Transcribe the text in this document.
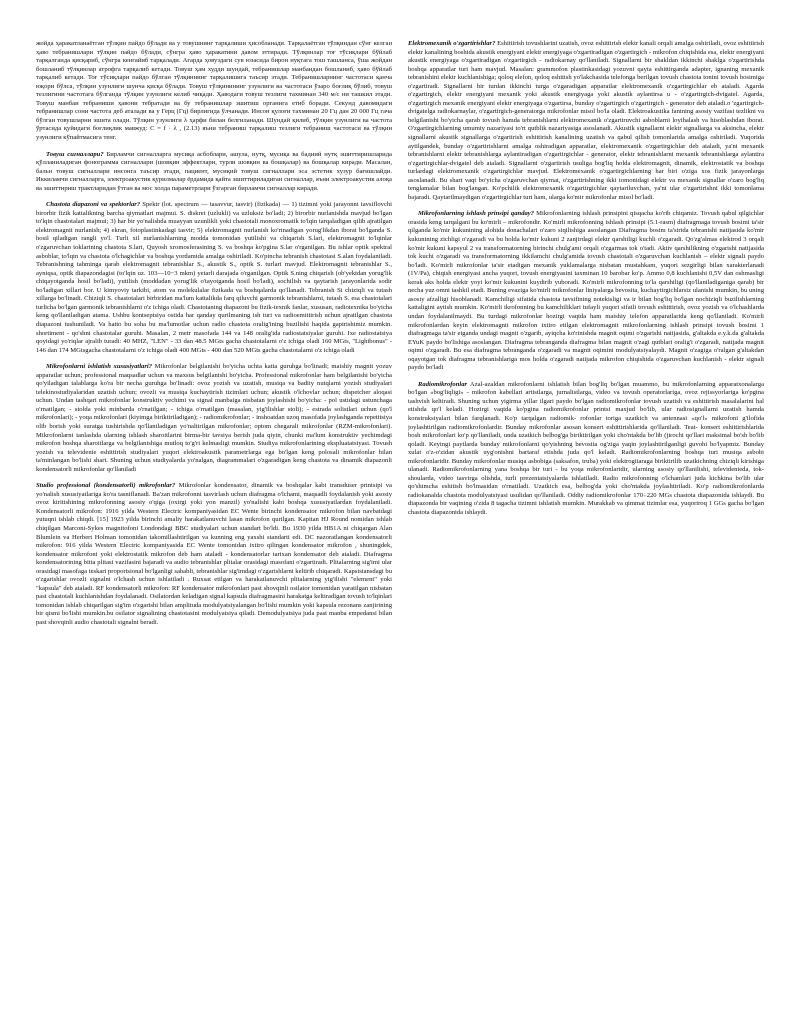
жойда ҳаракатланаётган тўлқин пайдо бўлади ва у товушнинг тарқалиши ҳисобланади. Тарқалаётган тўлқиндан сўнг келган ҳаво тебранишлари тўлқин пайдо бўлади, сўнгра ҳаво ҳаракатини давом эттиради. Тўлқинлар тоғ тўсиқлари бўйлаб тарқалганда қисқариб, сўнгра кенгайиб тарқалади. Агарда ҳовуздаги сув юзасида бирон нуқтага тош ташланса, ўша жойдан бошланиб тўлқинлар атрофга тарқалиб кетади. Товуш ҳам худди шундай, тебранишлар манбаидан бошланиб, ҳаво бўйлаб тарқалиб кетади. Тоғ тўсиқлари пайдо бўлган тўлқиннинг тарқалишига таъсир этади. Тебранишларнинг частотаси қанча юқори бўлса, тўлқин узунлиги шунча қисқа бўлади. Товуш тўлқинининг узунлиги ва частотаси ўзаро боғлиқ бўлиб, товуш тезлигини частотага бўлганда тўлқин узунлиги келиб чиқади. Ҳаводаги товуш тезлиги тахминан 340 м/с ни ташкил этади. Товуш манбаи тебраниши ҳавони тебратади ва бу тебранишлар эшитиш органига етиб боради. Секунд давомидаги тебранишлар сони частота деб аталади ва у Герц (Гц) бирлигида ўлчанади. Инсон қулоғи тахминан 20 Гц дан 20 000 Гц гача бўлган товушларни эшита олади. Тўлқин узунлиги λ ҳарфи билан белгиланади. Шундай қилиб, тўлқин узунлиги ва частота ўртасида қуйидаги боғлиқлик мавжуд: C = f · λ , (2.13) яъни тебраниш тарқалиш тезлиги тебраниш частотаси ва тўлқин узунлиги кўпайтмасига тенг.

Товуш сигналлари? Бирламчи сигналларга мусиқа асбоблари, ашула, нутқ, мусиқа ва бадиий нутқ эшиттиришларида қўлланиладиган фонограмма сигналлари (шовқин эффектлари, турли шовқин ва бошқалар) ва бошқалар киради. Масалан, бальн товуш сигналлари инсонга таъсир этади, пациент, мусиқий товуш сигналлари эса эстетик хузур бағишлайди. Иккиламчи сигналларга, электроакустик қурилмалар ёрдамида қайта эшиттириладиган сигналлар, яъни электроакустик алоқа ва эшиттириш трактларидан ўтган ва мос холда параметрлари ўзгарган бирламчи сигналлар киради.

Chastota diapazoni va spektorlar? Spektr (lot. spectrum — tasavvur, tasvir) (fizikada) — 1) tizimni yoki jarayonni tavsiflovchi birorbir fizik kattalikning barcha qiymatlari majmui. S. diskret (uzlukli) va uzluksiz bo'ladi; 2) birorbir nurlanishda mavjud bo'lgan to'lqin chastotalari majmui; 3) har bir yo'nalishda muayyan uzunlikli yoki chastotali monoxromatik to'lqin tarqaladigan qilib ajratilgan elektromagnit nurlanish; 4) ekran, fotoplastinkadagi tasvir; 5) elektromagnit nurlanish ko'rinadigan yorug'likdan iborat bo'lganda S. hosil qiladigan rangli yo'l. Turli xil nurlanishlarning modda tomonidan yutilishi va chiqarish S.lari, elektromagnit to'lqinlar o'zgaruvchan toklarining chastota S.lari, Quyosh xromosferasining S. va boshqa ko'pgina S.lar o'rganilgan. Bu ishlar optik spektral asboblar, to'lqin va chastota o'lchagichlar va boshqa yordamida amalga oshiriladi. Ko'pincha tebranish chastotasi S.alan foydalaniladi. Tebranishning tahminga qarab elektromagnit tebranishlar S., akustik S., optik S. turlari mavjud. Elektromagnit tebranishlar S., ayniqsa, optik diapazondagisi (to'lqin uz. 103—10−3 mkm) yetarli darajada o'rganilgan. Optik S.ning chiqarish (ob'yektdan yorug'lik chiqayotganda hosil bo'ladi), yutilish (moddadan yorug'lik o'tayotganda hosil bo'ladi), sochilish va qaytarish jarayonlarida sodir bo'ladigan xillari bor. U kimyoviy tarkibi, atom va molekulalar fizikada va boshqalarda qo'llanadi. Tebranish Si chiziqli va tutash xillarga bo'linadi. Chiziqli S. chastotalari birbiridan ma'lum kattalikda farq qiluvchi garmonik tebranishlarni, tutash S. esa chastotalari turlicha bo'lgan garmonik tebranishlarni o'z ichiga oladi. Chastotaning diapazoni bu fizik-texnik fanlar, xususan, radiotexnika bo'yicha keng qo'llaniladigan atama. Ushbu kontseptsiya ostida har qanday qurilmaning ish turi va radioemittirish uchun ajratilgan chastota diapazoni tushuniladi. Va hatto bu soha bu ma'lumotlar uchun radio chastota oralig'ining buzilishi haqida gapirishimiz mumkin. shortiment - qo'shni chastotalar guruhi. Masalan, 2 metr masofada 144 va 148 oralig'ida radiostatsiyalar guruhi. Ixe radiostatsiya qoyidagi yo'riqlar ajralib turadi: 40 MHZ, "LEN" - 33 dan 48.5 MGts gacha chastotalarni o'z ichiga oladi 160 MGts, "Lightbonus" - 146 dan 174 MGtsgacha chastotalarni o'z ichiga oladi 400 MGts - 400 dan 520 MGts gacha chastotalarni o'z ichiga oladi

Mikrofonlarni ishlatish xususiyatlari? Mikrofonlar belgilanishi bo'yicha uchta katta guruhga bo'linadi; maishiy magnit yozuv apparatlar uchun; professional maqsadlar uchun va maxsus belgilanishi bo'yicha. Professional mikrofonlar ham belgilanishi bo'yicha qo'yiladigan talablarga ko'ra bir necha guruhga bo'linadi: ovoz yozish va uzatish, musiqa va badiiy nutqlarni yozish studiyalari telekinostudiyalaridan uzatish uchun; ovozli va musiqa kuchaytirish tizimlari uchun; akustik o'lchovlar uchun; dispetcher aloqasi uchun. Undan tashqari mikrofonlar konstruktiv yechimi va signal manbaiga nisbatan joylashishi bo'yicha: - pol ustidagi ustunchaga o'rnatilgan; - stolda yoki minbarda o'rnatilgan; - ichiga o'rnatilgan (masalan, yig'ilishlar stoli); - estrada solistlari uchun (qo'l mikrofonlari); - yoqa mikrofonlari (kiyimga biriktiriladigan); - radiomikrofonlar; - inshoatdan uzoq masofada joylashganda repetitsiya olib borish yoki suratga tushirishda qo'llaniladigan yo'naltirilgan mikrofonlar; optom chegarali mikrofonlar (RZM-mikrofonlari). Mikrofonlarni tanlashda ularning ishlash sharoitlarini birma-bir tavsiya berish juda qiyin, chunki ma'lum konstruktiv yechimdagi mikrofon boshqa sharoitlarga va belgilanishiga mutloq to'g'ri kelmasligi mumkin. Studiya mikrofonlarining ekspluatatsiyasi. Tovush yozish va televidenie eshittirish studiyalari yuqori elektroakustik parametrlarga ega bo'lgan keng polosali mikrofonlar bilan ta'minlangan bo'lishi shart. Shuning uchun studiyalarda yo'nalgan, diagrammalari o'zgaradigan keng chastota va dinamik diapazonli kondensatorli mikrofonlar qo'llaniladi

Studio professional (kondensatorli) mikrofonlar? Mikrofonlar kondensator, dinamik va boshqalar kabi transduser printsipi va yo'nalish xususiyatlariga ko'ra tasniflanadi. Ba'zan mikrofonni tasvirlash uchun diafragma o'lchami, maqsadli foydalanish yoki asosiy ovoz kiritishining mikrofonning asosiy o'qiga (oxirgi yoki yon manzil) yo'nalishi kabi boshqa xususiyatlardan foydalaniladi. Kondensatorli mikrofon: 1916 yilda Western Electric kompaniyasidan EC Wente birinchi kondensator mikrofon bilan navbatdagi yutuqni ishlab chiqdi. [15] 1923 yilda birinchi amaliy harakatlanuvchi lasan mikrofon qurilgan. Kapitan HJ Round nomidan ishlab chiqilgan Marconi-Sykes magnitofoni Londondagi BBC studiyalari uchun standart bo'ldi. Bu 1930 yilda HB1A ni chiqargan Alan Blumlein va Herbert Holman tomonidan takomillashtirilgan va kunning eng yaxshi standarti edi. DC nazoratlangan kondensatorli mikrofon: 916 yilda Western Electric kompaniyasida EC Wente tomonidan ixtiro qilingan kondensator mikrofon , shuningdek, kondensator mikrofoni yoki elektrostatik mikrofon deb ham ataladi - kondensatorlar tarixan kondensator deb ataladi. Diafragma kondensatorining bitta plitasi vazifasini bajaradi va audio tebranishlar plitalar orasidagi masofani o'zgartiradi. Plitalarning sig'imi ular orasidagi masofaga teskari proportsional bo'lganligi sababli, tebranishlar sig'imdagi o'zgarishlarni keltirib chiqaradi. Kapsistansdagi bu o'zgarishlar ovozli signalni o'lchash uchun ishlatiladi . Ruxsat etilgan va harakatlanuvchi plitalarning yig'ilishi "element" yoki "kapsula" deb ataladi. RF kondensatorli mikrofon: RF kondensator mikrofonlari past shovqinli osilator tomonidan yaratilgan nisbatan past chastotali kuchlanishdan foydalanadi. Osilatordan keladigan signal kapsula diafragmasini harakatga keltiradigan tovush to'lqinlari tomonidan ishlab chiqarilgan sig'im o'zgarishi bilan amplituda modulyatsiyalangan bo'lishi mumkin yoki kapsula rezonans zanjirining bir qismi bo'lishi mumkin.bu osilator signalining chastotasini modulyatsiya qiladi. Demodulyatsiya juda past manba empedansi bilan past shovqinli audio chastotali signalni beradi.

Elektromexanik o'zgartirishlar? Eshittirish tovushlarini uzatish, ovoz eshittirish elektr kanali orqali amalga oshiriladi, ovoz eshittirish elektr kanalining boshida akustik energiyani elektr energiyaga o'zgartiradigan o'zgartirgich - mikrofon chiqishida esa, elektr energiyani akustik energiyaga o'zgartiradigan o'zgartirgich - radiokarnay qo'llaniladi. Signallarni bir shakldan ikkinchi shaklga o'zgartirishda boshqa apparatlar turi ham mavjud. Masalan: grammofon plastinkasidagi yozuvni qayta eshittirganda adapter, ignaning mexanik tebranishini elektr kuchlanishiga; qoloq elefon, qoloq eshitish yo'lakchasida telefonga berilgan tovush chastota tonini tovush bosimiga o'zgartiradi. Signallarni bir turdan ikkinchi turga o'zgaradigan apparatlar elektromexanik o'zgartirgichlar eb ataladi. Agarda o'zgartirgich, elektr energiyani mexanik yoki akustik energiyaga yoki akustik aylantirsa u - o'zgartirgich-dvigatel. Agarda, o'zgartirgich mexanik energiyani elektr energiyaga o'zgartirsa, bunday o'zgartirgich o'zgartirgich - generator deb ataladi.o 'zgartirgich-dvigatelga radiokarnaylar, o'zgartirgich-generatorga mikrofonlar misol bo'la oladi. Elektroakustika fanining asosiy vazifasi tezlikni va belgilanishi bo'yicha qarab tovush hamda tebranishlarni elektromexanik o'zgartiruvchi asboblarni loyihalash va hisoblashdan iborat. O'zgartirgichlarning umumiy nazariyasi to'rt qutblik nazariyasiga asoslanadi. Akustik signallarni elektr signallarga va aksincha, elektr signallarni akustik signallarga o'zgartirish eshittirish kanalining uzatish va qabul qilish tomonlarida amalga oshiriladi. Yuqorida aytilgandek, bunday o'zgartirishlarni amalga oshiradigan apparatlar, elektromexanik o'zgartirgichlar deb ataladi, ya'ni mexanik tebranishlarni elektr tebranishlarga aylantiradigan o'zgartirgichlar - generator, elektr tebranishlarni mexanik tebranishlarga aylantira o'zgartirgichlar-dvigatel deb ataladi. Signallarni o'zgartirish usuliga bog'liq holda elektromagnit, dinamik, elektrostatik va boshqa turlardagi elektromexanik o'zgartirgichlar mavjud. Elektromexanik o'zgartirgichlarning har biri o'ziga xos fizik jarayonlarga asoslanadi. Bu shart vaqt bo'yicha o'zgaruvchan qiymat, o'zgartirishning ikki tomonidagi elektr va mexanik signallar o'zaro bog'liq tenglamalar bilan bog'langan. Ko'pchilik elektromexanik o'zgartirgichlar qaytariluvchan, ya'ni ular o'zgartirishni ikki tomonlama bajaradi. Qaytarilmaydigan o'zgartirgichlar turi ham, ularga ko'mir mikrofonlar misol bo'ladi.

Mikrofonlarning ishlash prinsipi qanday? Mikrofonlarning ishlash prinsipini qisqacha ko'rib chiqamiz. Tovush qabul qilgichlar orasida keng tarqalgani bu ko'mirli – mikrofondir. Ko'mirli mikrofonning ishlash prinsipi (5.1-rasm) diafragmaga tovush bosimi ta'sir qilganda ko'mir kukunining alohida donachalari o'zaro siqilishiga asoslangan Diafragma bosim ta'sirida tebranishi natijasida ko'mir kukunining zichligi o'zgaradi va bu holda ko'mir kukuni 2 zanjirdagi elektr qarshiligi kuchli o'zgaradi. Qo'zg'almas elektrod 3 orqali ko'mir kukuni kapsyul 2 va transformatorning birinchi chulg'ami orqali o'zgarmas tok o'tadi. Aktiv qarshilikning o'zgarishi natijasida tok kuchi o'zgaradi va transformatorning ikkilamchi chulg'amida tovush chastotali o'zgaruvchan kuchlanish – elektr signali paydo bo'ladi. Ko'mirli mikrofonlar ta'sir etadigan mexanik yuklamalarga nisbatan mustahkam, yuqori sezgirligi bilan xarakterlanadi (1V/Pa), chiqish energiyasi ancha yuqori, tovush energiyasini taxminan 10 barobar ko'p. Ammo 0,8 kuchlanishi 0,5V dan oshmasligi kerak aks holda elektr yoyi ko'mir kukunini kuydirib yuboradi. Ko'mirli mikrofonning to'la qarshiligi (qo'llaniladiganiga qarab) bir necha yuz omni tashkil etadi. Buning evaziga ko'mirli mikrofonlar liniyalarga bevosita, kuchaytirgichlarsiz ulanishi mumkin, bu uning asosiy afzalligi hisoblanadi. Kamchiligi sifatida chastota tavsifining notekisligi va ir bilan bog'liq bo'lgan nochiziqli buzilishlarning kattaligini aytish mumkin. Ko'mirli ikrofonning bu kamchiliklari tufayli yuqori sifatli tovush eshittirish, ovoz yozish va o'lchashlarda undan foydalanilmaydi. Bu turdagi mikrofonlar hozirgi vaqtda ham maishiy telefon apparatlarida keng qo'llaniladi. Ko'mirli mikrofonlardan keyin elektromagnit mikrofon ixtiro etilgan elektromagnit mikrofonlarning ishlash prinsipi tovush bosimi 1 diafragmaga ta'sir etganda undagi magnit o'zgarib, ayiqcha ko'rinishda magnit oqimi o'zgarishi natijasida, g'altakda e.y.k.da g'altakda EYuK paydo bo'lishiga asoslangan. Diafragma tebranganda diafragma bilan magnit o'zagi qutblari oralig'i o'zgaradi, natijada magnit oqimi o'zgaradi. Bu esa diafragma tebranganda o'zgaradi va magnit oqimini modulyatsiyalaydi. Magnit o'zagiga o'ralgan g'altakdan oqayotgan tok diafragma tebranishlariga mos holda o'zgaradi natijada mikrofon chiqishida o'zgaruvchan kuchlanish - elektr signali paydo bo'ladi

Radiomikrofonlar Azal-azaldan mikrofonlarni ishlatish bilan bog'liq bo'lgan muammo, bu mikrofonlarning apparatxonalarga bo'lgan «bog'liqligi» - mikrofon kabellari artistlarga, jurnalistlarga, video va tovush operatorlariga, ovoz rejissyorlariga ko'pgina tashvish keltiradi. Shuning uchun yigirma yillar ilgari paydo bo'lgan radiomikrofonlar tovush uzatish va eshittirish masalalarini hal etishda qo'l keladi. Hozirgi vaqtda ko'pgina radiomikrofonlar printsi maxjud bo'lib, ular radiosignallarni uzatish hamda konstruksiyalari bilan farqlanadi. Ko'p tarqalgan radiomik- rofonlar toriga uzatkich va antennasi «qo'l» mikrofoni g'ilofida joylashtirilgan radiomikrofonlardir. Bunday mikrofonlar asosan konsert eshittirishlarida qo'llaniladi. Teat- konsert eshittirishlarida bosh mikrofonlari ko'p qo'llaniladi, unda uzatkich belbog'ga biriktirilgan yoki cho'ntakda bo'lib (jirochi qo'llari maksimal bo'sh bo'lib qoladi. Keyingi paytlarda bunday mikrofonlarni qo'yishning bevosita og'ziga yaqin joylashtirilganligi guvohi bo'lyapmiz. Bunday xulat o'z-o'zidan akustik uyg'onishni bartaraf etishda juda qo'l keladi. Radiomikrofonlarning boshqa turi musiqa asbobi mikrofonlaridir. Bunday mikrofonlar musiqa asbobiga (saksafon, truba) yoki elektrogitaraga biriktirilib uzatkichning chiziqli kirishiga ulanadi. Radiomikrofonlarning yana boshqa bir turi - bu yoqa mikrofonlaridir, ularning asosiy qo'llanilishi, televidenieda, tok-shoularda, video tasvirga olishda, turli prezentatsiyalarda ishlatiladi. Radio mikrofonning o'lchamlari juda kichkina bo'lib ular qo'shimcha eshitish bo'lmasidan o'rnatiladi. Uzatkich esa, belbog'da yoki cho'ntakda joylashtiriladi. Ko'p radiomikrofonlarda radiokanalda chastota modulyatsiyasi usulidan qo'llaniladi. Oddiy radiomikrofonlar 170÷220 MGs chastota diapazonida ishlaydi. Bu diapazonda bir vaqtning o'zida 8 tagacha tizimni ishlatish mumkin. Murakkab va qimmat tizimlar esa, yuqoriroq 1 GGs gacha bo'lgan chastota diapazonida ishlaydi.
